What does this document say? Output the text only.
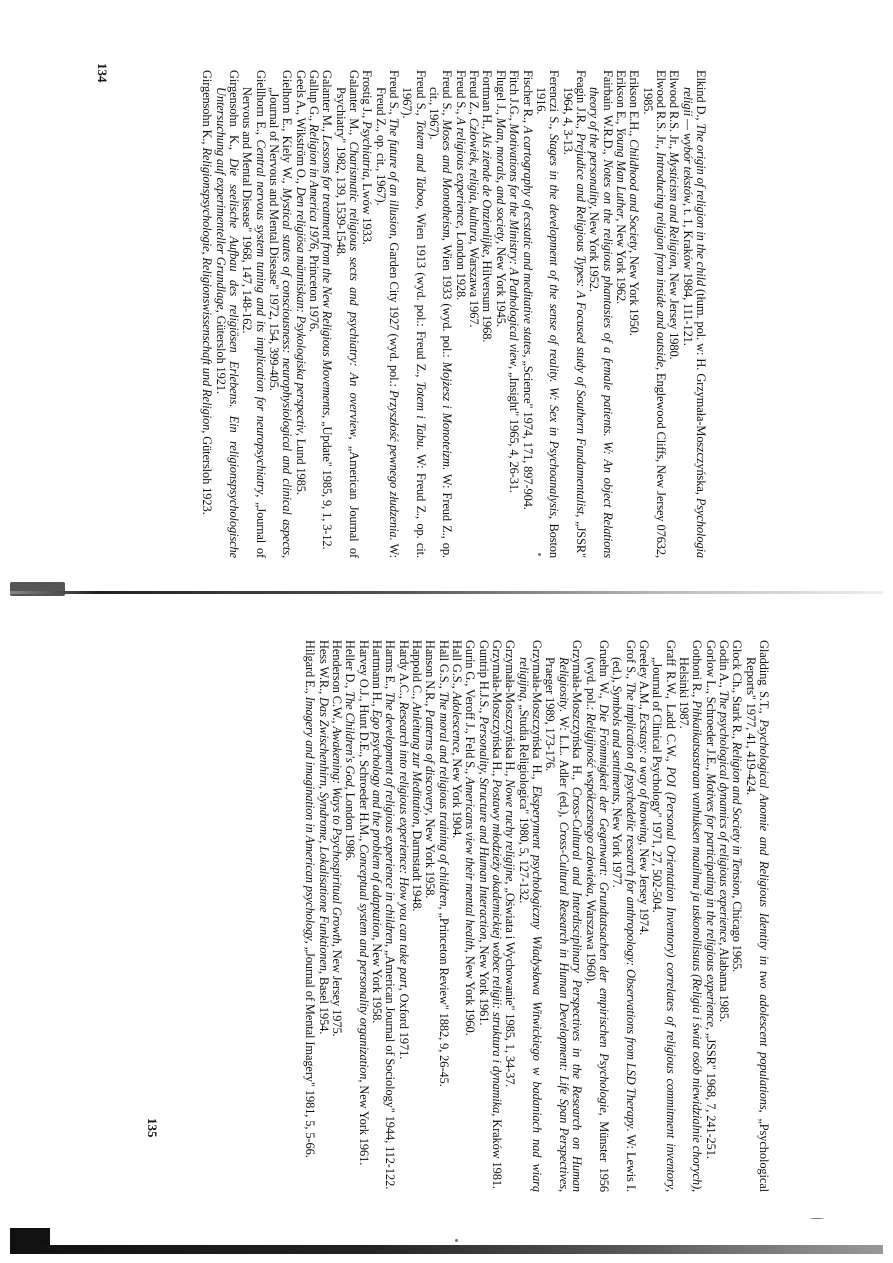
Elkind D., The origin of religion in the child (tłum. pol. w: H. Grzymała-Moszczyńska, Psychologia religii — wybór tekstów, t. 1, Kraków 1984, 111-121.

Elwood R.S. Jr., Mysticism and Religion, New Jersey 1980.

Elwood R.S. Jr., Introducing religion from inside and outside, Englewood Cliffs, New Jersey 07632, 1985.

Erikson E.H., Childhood and Society, New York 1950.

Erikson E., Young Man Luther, New York 1962.

Fairbain W.R.D., Notes on the religious phantasies of a female patients. W: An object Relations theory of the personality, New York 1952.

Feagin J.R., Prejudice and Religious Types: A Focused study of Southern Fundamentalist, „JSSR" 1964, 4, 3-13.

Ferenczi S., Stages in the development of the sense of reality. W: Sex in Psychoanalysis, Boston 1916.

Fischer R., A cartography of ecstatic and meditative states, „Science" 1974, 171, 897-904.

Fitch J.G., Motivations for the Ministry: A Pathological view, „Insight" 1965, 4, 26-31.

Flugel J., Man, morals, and society, New York 1945.

Fortman H., Als ziende de Onzienlijke, Hilversum 1968.

Freud Z., Człowiek, religia, kultura, Warszawa 1967.

Freud S., A religious experience, London 1928.

Freud S., Moses and Monotheism, Wien 1933 (wyd. pol.: Mojżesz i Monoteizm. W: Freud Z., op. cit., 1967).

Freud S., Totem and Taboo, Wien 1913 (wyd. pol.: Freud Z., Totem i Tabu. W: Freud Z., op. cit. 1967).

Freud S., The future of an illusion, Garden City 1927 (wyd. pol.: Przyszłość pewnego złudzenia. W: Freud Z., op. cit., 1967).

Frostig J., Psychiatria, Lwów 1933.

Galanter M., Charismatic religious sects and psychiatry: An overview, „American Journal of Psychiatry" 1982, 139, 1539-1548.

Galanter M., Lessons for treatment from the New Religious Movements, „Update" 1985, 9, 1, 3-12.

Gallup G., Religion in America 1976, Princeton 1976.

Geels A., Wikström O., Den religiösa människan: Psykologiska perspectiv, Lund 1985.

Gielhorn E., Kiely W., Mystical states of consciousness: neurophysiological and clinical aspects, „Journal of Nervous and Mental Disease" 1972, 154, 399-405.

Giellhorn E., Central nervous system tuning and its implication for neuropsychiatry, „Journal of Nervous and Mental Disease" 1968, 147, 148-162.

Girgensohn K., Die seelische Aufbau des religiösen Erlebens. Ein religionspsychologische Untersuchung auf experimenteller Grundlage, Gütersloh 1921.

Girgensohn K., Religionspsychologie, Religionswissenschaft und Religion, Gütersloh 1923.

Gladding S.T., Psychological Anomie and Religious Identity in two adolescent populations, „Psychological Reports" 1977, 41, 419-424.

Glock Ch., Stark R., Religion and Society in Tension, Chicago 1965.

Godin A., The psychological dynamics of religious experience, Alabama 1985.

Gorlow L., Schroeder J.E., Motives for participating in the religious experience, „JSSR" 1968, 7, 241-251.

Gothoni R., Pihkaikatsastraan vanhuksen maailma ja uskonollisuus (Religia i świat osób niewidzialnie chorych), Helsinki 1987.

Graff R.W., Ladd C.W., POI (Personal Orientation Inventory) correlates of religious commitment inventory, „Journal of Clinical Psychology" 1971, 27, 502-504.

Greeley A.M., Ecstasy: a way of knowing, New Jersey 1974.

Grof S., The implication of psychedelic research for anthropology: Observations from LSD Therapy. W: Lewis I. (ed.), Symbols and sentiments, New York 1977.

Gruehn W., Die Frömmigkeit der Gegenwart: Grundtatsachen der empirischen Psychologie, Münster 1956 (wyd. pol.: Religijność współczesnego człowieka, Warszawa 1960).

Grzymała-Moszczyńska H., Cross-Cultural and Interdisciplinary Perspectives in the Research on Human Religiosity. W: L.L. Adler (ed.), Cross-Cultural Research in Human Development: Life Span Perspectives, Praeger 1989, 173-176.

Grzymała-Moszczyńska H., Eksperyment psychologiczny Władysława Witwickiego w badaniach nad wiarą religijną, „Studia Religiologica" 1980, 5, 127-132.

Grzymała-Moszczyńska H., Nowe ruchy religijne, „Oświata i Wychowanie" 1985, 1, 34-37.

Grzymała-Moszczyńska H., Postawy młodzieży akademickiej wobec religii: struktura i dynamika, Kraków 1981.

Guntrip H.J.S., Personality, Structure and Human Interaction, New York 1961.

Gurin G., Veroff J., Feld S., Americans view their mental health, New York 1960.

Hall G.S., Adolescence, New York 1904.

Hall G.S., The moral and religious training of children, „Princeton Review" 1882, 9, 26-45.

Hanson N.R., Patterns of discovery, New York 1958.

Happold C., Anleitung zur Meditation, Darmstadt 1948.

Hardy A.C., Research into religious experience: How you can take part, Oxford 1971.

Harms E., The development of religious experience in children, „American Journal of Sociology" 1944, 112-122.

Hartmann H., Ego psychology and the problem of adaptation, New York 1958.

Harvey O.J., Hunt D.E., Schroeder H.M., Conceptual system and personality organization, New York 1961.

Heller D., The Children's God, London 1986.

Henderson C.W., Awakening: Ways to Psychospiritual Growth, New Jersey 1975.

Hess W.R., Das Zwischenhirn, Syndrome, Lokalisatione Funktionen, Basel 1954.

Hilgard E., Imagery and imagination in American psychology, „Journal of Mental Imagery" 1981, 5, 5-66.

134
135
